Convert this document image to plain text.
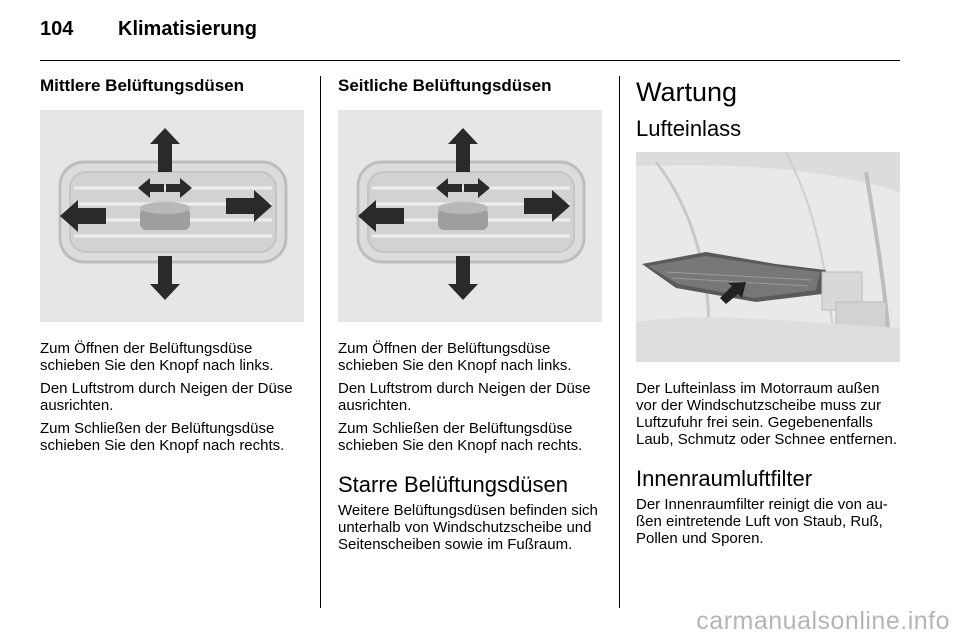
104 Klimatisierung
Mittlere Belüftungsdüsen

Zum Öffnen der Belüftungsdüse schieben Sie den Knopf nach links.

Den Luftstrom durch Neigen der Düse ausrichten.

Zum Schließen der Belüftungsdüse schieben Sie den Knopf nach rechts.

Seitliche Belüftungsdüsen

Zum Öffnen der Belüftungsdüse schieben Sie den Knopf nach links.

Den Luftstrom durch Neigen der Düse ausrichten.

Zum Schließen der Belüftungsdüse schieben Sie den Knopf nach rechts.

Starre Belüftungsdüsen

Weitere Belüftungsdüsen befinden sich unterhalb von Windschutzscheibe und Seitenscheiben sowie im Fußraum.

Wartung
Lufteinlass

Der Lufteinlass im Motorraum außen vor der Windschutzscheibe muss zur Luftzufuhr frei sein. Gegebenenfalls Laub, Schmutz oder Schnee entfernen.

Innenraumluftfilter

Der Innenraumfilter reinigt die von außen eintretende Luft von Staub, Ruß, Pollen und Sporen.

carmanualsonline.info
